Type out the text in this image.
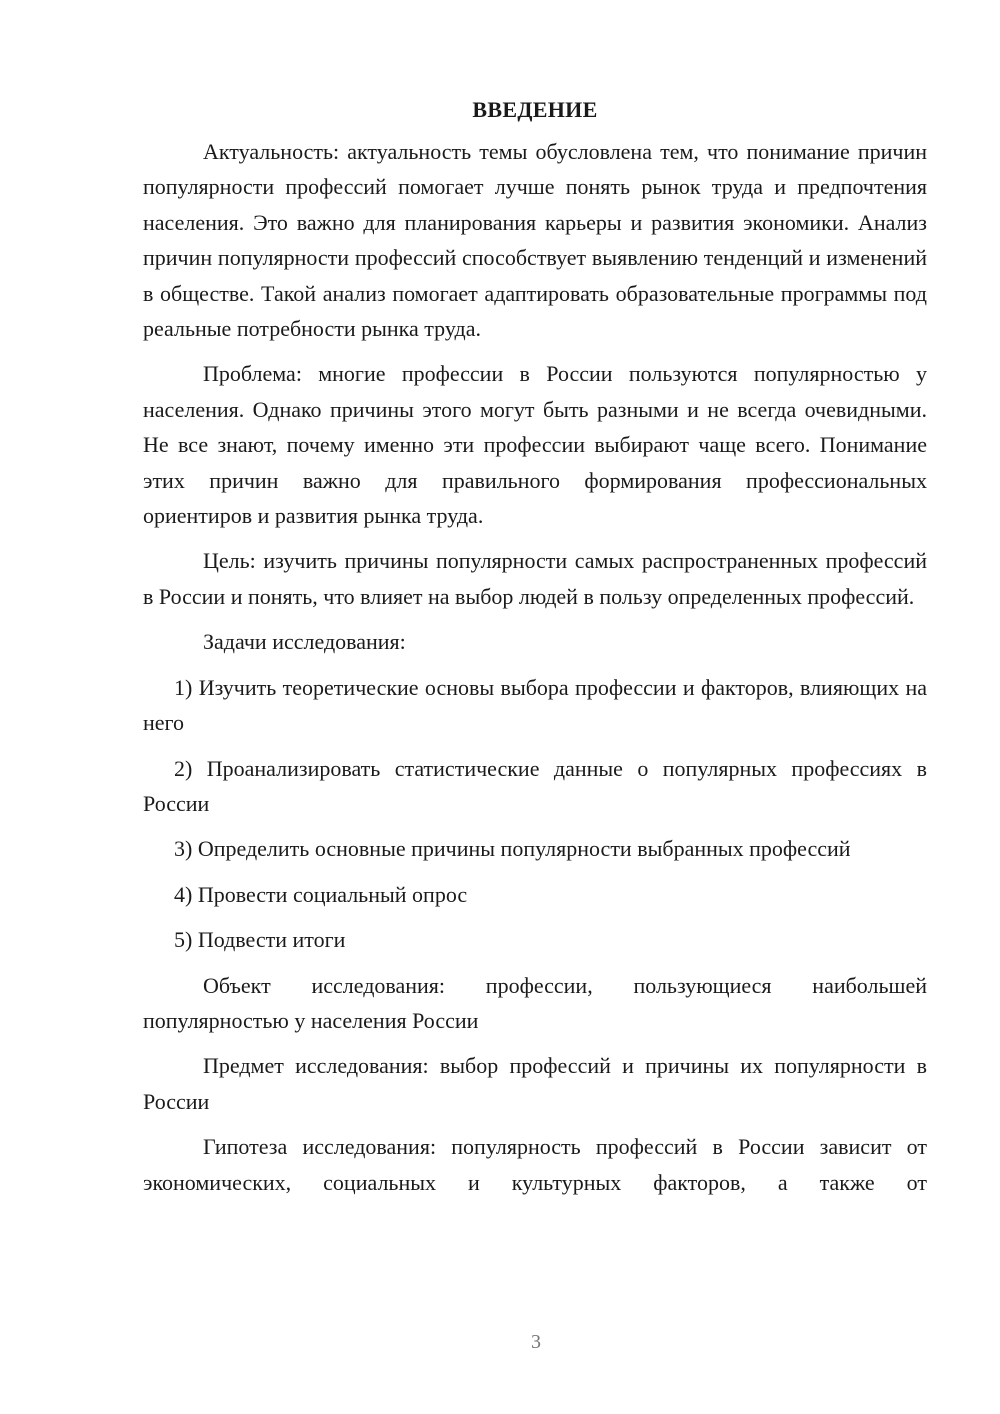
ВВЕДЕНИЕ

Актуальность: актуальность темы обусловлена тем, что понимание причин популярности профессий помогает лучше понять рынок труда и предпочтения населения. Это важно для планирования карьеры и развития экономики. Анализ причин популярности профессий способствует выявлению тенденций и изменений в обществе. Такой анализ помогает адаптировать образовательные программы под реальные потребности рынка труда.

Проблема: многие профессии в России пользуются популярностью у населения. Однако причины этого могут быть разными и не всегда очевидными. Не все знают, почему именно эти профессии выбирают чаще всего. Понимание этих причин важно для правильного формирования профессиональных ориентиров и развития рынка труда.

Цель: изучить причины популярности самых распространенных профессий в России и понять, что влияет на выбор людей в пользу определенных профессий.

Задачи исследования:

1) Изучить теоретические основы выбора профессии и факторов, влияющих на него

2) Проанализировать статистические данные о популярных профессиях в России

3) Определить основные причины популярности выбранных профессий

4) Провести социальный опрос

5) Подвести итоги

Объект исследования: профессии, пользующиеся наибольшей популярностью у населения России

Предмет исследования: выбор профессий и причины их популярности в России

Гипотеза исследования: популярность профессий в России зависит от экономических, социальных и культурных факторов, а также от

3
